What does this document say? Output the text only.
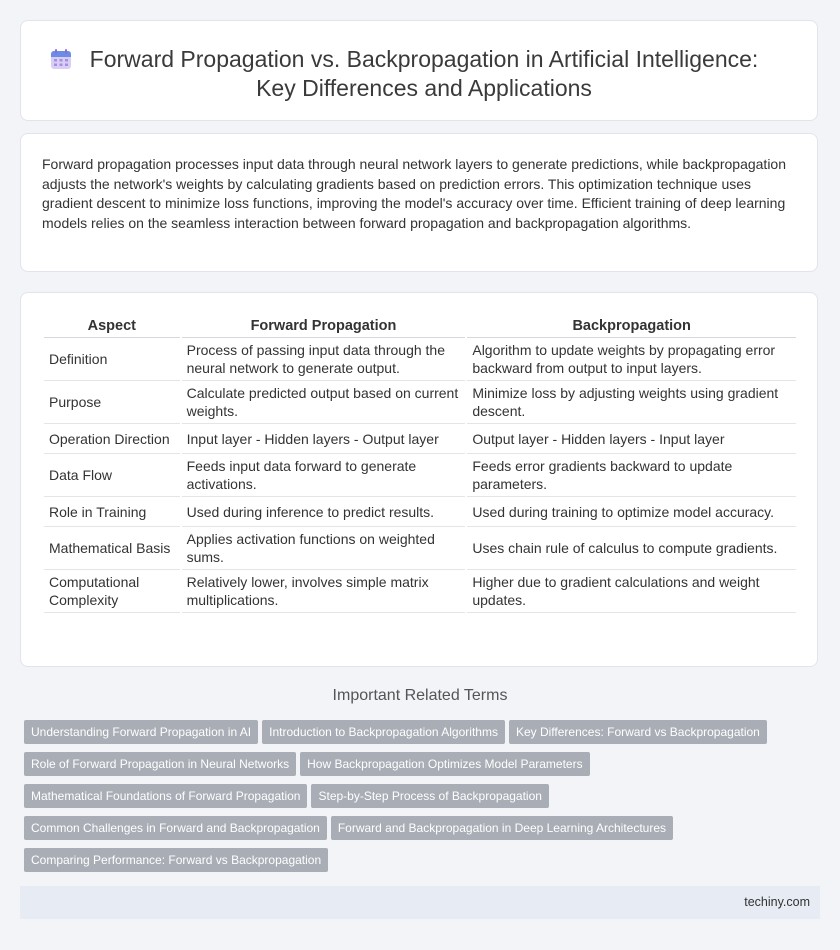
Forward Propagation vs. Backpropagation in Artificial Intelligence:
Key Differences and Applications
Forward propagation processes input data through neural network layers to generate predictions, while backpropagation adjusts the network's weights by calculating gradients based on prediction errors. This optimization technique uses gradient descent to minimize loss functions, improving the model's accuracy over time. Efficient training of deep learning models relies on the seamless interaction between forward propagation and backpropagation algorithms.
Aspect	Forward Propagation	Backpropagation
Definition	Process of passing input data through the neural network to generate output.	Algorithm to update weights by propagating error backward from output to input layers.
Purpose	Calculate predicted output based on current weights.	Minimize loss by adjusting weights using gradient descent.
Operation Direction	Input layer - Hidden layers - Output layer	Output layer - Hidden layers - Input layer
Data Flow	Feeds input data forward to generate activations.	Feeds error gradients backward to update parameters.
Role in Training	Used during inference to predict results.	Used during training to optimize model accuracy.
Mathematical Basis	Applies activation functions on weighted sums.	Uses chain rule of calculus to compute gradients.
Computational Complexity	Relatively lower, involves simple matrix multiplications.	Higher due to gradient calculations and weight updates.
Important Related Terms
Understanding Forward Propagation in AI Introduction to Backpropagation Algorithms Key Differences: Forward vs Backpropagation
Role of Forward Propagation in Neural Networks How Backpropagation Optimizes Model Parameters
Mathematical Foundations of Forward Propagation Step-by-Step Process of Backpropagation
Common Challenges in Forward and Backpropagation Forward and Backpropagation in Deep Learning Architectures
Comparing Performance: Forward vs Backpropagation
techiny.com
